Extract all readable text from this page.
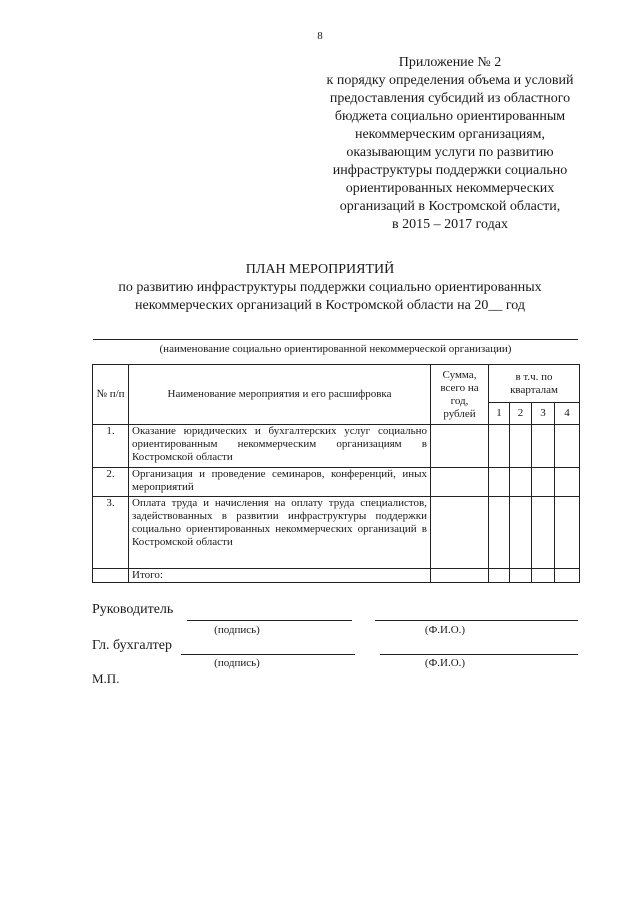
8
Приложение № 2
к порядку определения объема и условий
предоставления субсидий из областного
бюджета социально ориентированным
некоммерческим организациям,
оказывающим услуги по развитию
инфраструктуры поддержки социально
ориентированных некоммерческих
организаций в Костромской области,
в 2015 – 2017 годах
ПЛАН МЕРОПРИЯТИЙ
по развитию инфраструктуры поддержки социально ориентированных
некоммерческих организаций в Костромской области на 20__ год
(наименование социально ориентированной некоммерческой организации)
№ п/п	Наименование мероприятия и его расшифровка	Сумма, всего на год, рублей	в т.ч. по кварталам			
			1	2	3	4
1.	Оказание юридических и бухгалтерских услуг социально ориентированным некоммерческим организациям в Костромской области					
2.	Организация и проведение семинаров, конференций, иных мероприятий					
3.	Оплата труда и начисления на оплату труда специалистов, задействованных в развитии инфраструктуры поддержки социально ориентированных некоммерческих организаций в Костромской области					
	Итого:					
Руководитель
(подпись)	(Ф.И.О.)
Гл. бухгалтер
(подпись)	(Ф.И.О.)
М.П.
